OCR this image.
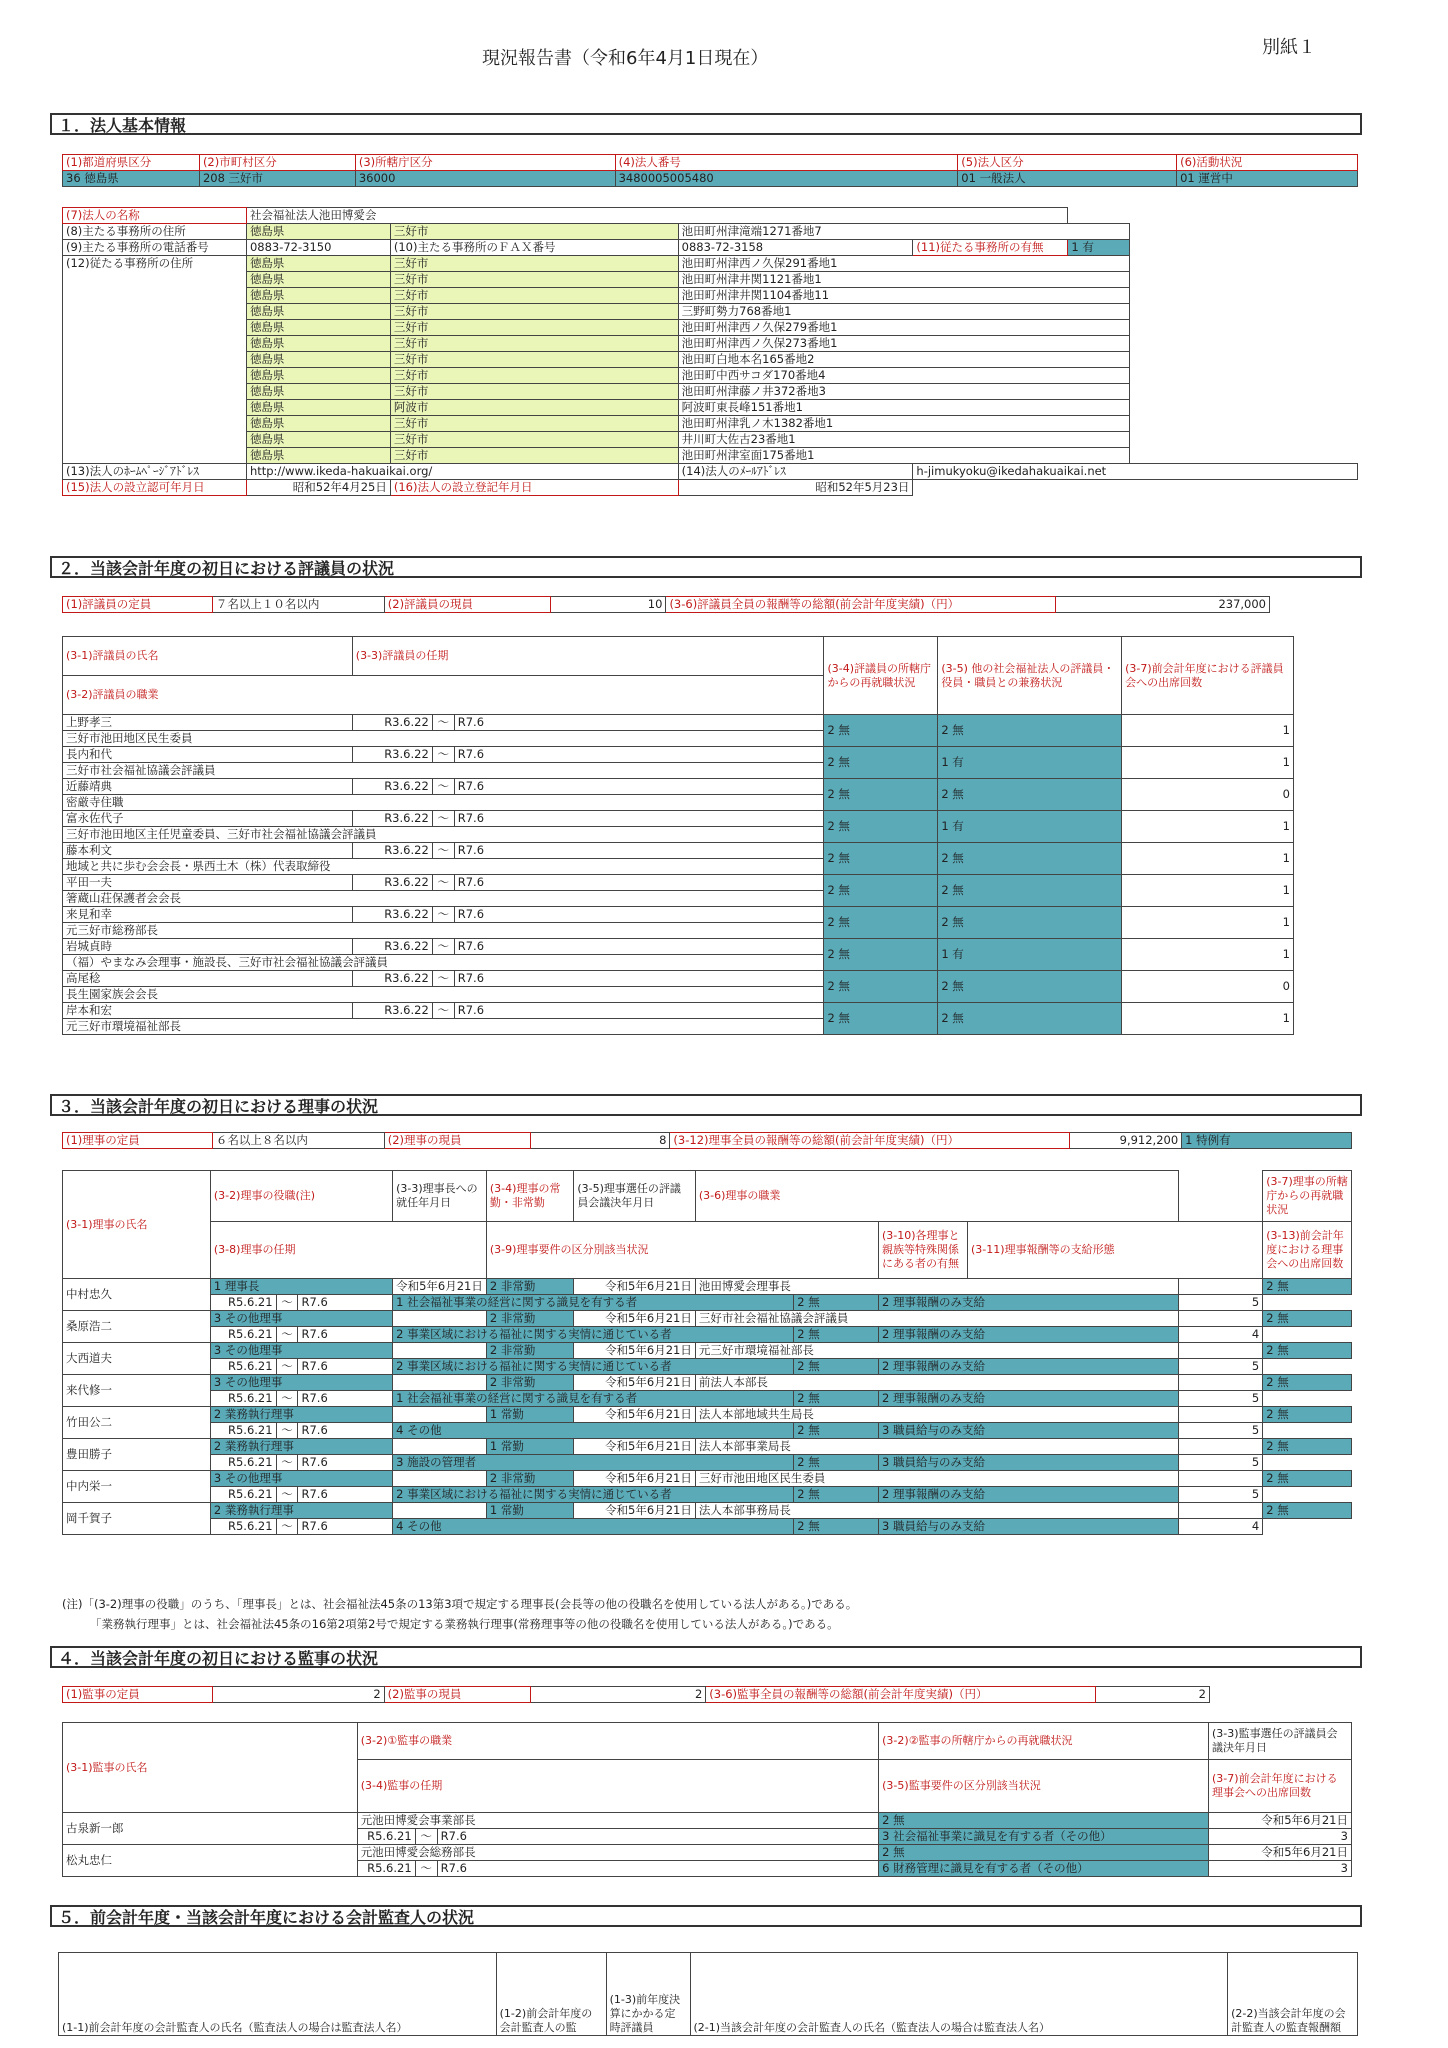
現況報告書（令和6年4月1日現在）
別紙１
１．法人基本情報
(1)都道府県区分	(2)市町村区分	(3)所轄庁区分	(4)法人番号	(5)法人区分	(6)活動状況
36 徳島県	208 三好市	36000	3480005005480	01 一般法人	01 運営中
(7)法人の名称	社会福祉法人池田博愛会					
(8)主たる事務所の住所	徳島県	三好市	池田町州津滝端1271番地7			
(9)主たる事務所の電話番号	0883-72-3150	(10)主たる事務所のＦＡＸ番号	0883-72-3158	(11)従たる事務所の有無	1 有	
(12)従たる事務所の住所	徳島県	三好市	池田町州津西ノ久保291番地1			
	徳島県	三好市	池田町州津井関1121番地1			
	徳島県	三好市	池田町州津井関1104番地11			
	徳島県	三好市	三野町勢力768番地1			
	徳島県	三好市	池田町州津西ノ久保279番地1			
	徳島県	三好市	池田町州津西ノ久保273番地1			
	徳島県	三好市	池田町白地本名165番地2			
	徳島県	三好市	池田町中西サコダ170番地4			
	徳島県	三好市	池田町州津藤ノ井372番地3			
	徳島県	阿波市	阿波町東長峰151番地1			
	徳島県	三好市	池田町州津乳ノ木1382番地1			
	徳島県	三好市	井川町大佐古23番地1			
	徳島県	三好市	池田町州津室面175番地1			
(13)法人のﾎｰﾑﾍﾟｰｼﾞｱﾄﾞﾚｽ	http://www.ikeda-hakuaikai.org/		(14)法人のﾒｰﾙｱﾄﾞﾚｽ	h-jimukyoku@ikedahakuaikai.net		
(15)法人の設立認可年月日	昭和52年4月25日	(16)法人の設立登記年月日	昭和52年5月23日			
２．当該会計年度の初日における評議員の状況
(1)評議員の定員	７名以上１０名以内	(2)評議員の現員	10	(3-6)評議員全員の報酬等の総額(前会計年度実績)（円）	237,000
(3-1)評議員の氏名	(3-3)評議員の任期			(3-4)評議員の所轄庁からの再就職状況	(3-5) 他の社会福祉法人の評議員・役員・職員との兼務状況	(3-7)前会計年度における評議員会への出席回数
(3-2)評議員の職業						
上野孝三	R3.6.22	～	R7.6	2 無	2 無	1
三好市池田地区民生委員						
長内和代	R3.6.22	～	R7.6	2 無	1 有	1
三好市社会福祉協議会評議員						
近藤靖典	R3.6.22	～	R7.6	2 無	2 無	0
密厳寺住職						
富永佐代子	R3.6.22	～	R7.6	2 無	1 有	1
三好市池田地区主任児童委員、三好市社会福祉協議会評議員						
藤本利文	R3.6.22	～	R7.6	2 無	2 無	1
地域と共に歩む会会長・県西土木（株）代表取締役						
平田一夫	R3.6.22	～	R7.6	2 無	2 無	1
箸蔵山荘保護者会会長						
来見和幸	R3.6.22	～	R7.6	2 無	2 無	1
元三好市総務部長						
岩城貞時	R3.6.22	～	R7.6	2 無	1 有	1
（福）やまなみ会理事・施設長、三好市社会福祉協議会評議員						
高尾稔	R3.6.22	～	R7.6	2 無	2 無	0
長生園家族会会長						
岸本和宏	R3.6.22	～	R7.6	2 無	2 無	1
元三好市環境福祉部長						
３．当該会計年度の初日における理事の状況
(1)理事の定員	６名以上８名以内	(2)理事の現員	8	(3-12)理事全員の報酬等の総額(前会計年度実績)（円）	9,912,200	1 特例有
(3-1)理事の氏名	(3-2)理事の役職(注)			(3-3)理事長への就任年月日	(3-4)理事の常勤・非常勤	(3-5)理事選任の評議員会議決年月日	(3-6)理事の職業					(3-7)理事の所轄庁からの再就職状況
	(3-8)理事の任期				(3-9)理事要件の区分別該当状況				(3-10)各理事と親族等特殊関係にある者の有無	(3-11)理事報酬等の支給形態		(3-13)前会計年度における理事会への出席回数
中村忠久	1 理事長			令和5年6月21日	2 非常勤	令和5年6月21日	池田博愛会理事長					2 無
	R5.6.21	～	R7.6	1 社会福祉事業の経営に関する識見を有する者				2 無	2 理事報酬のみ支給		5	
桑原浩二	3 その他理事				2 非常勤	令和5年6月21日	三好市社会福祉協議会評議員					2 無
	R5.6.21	～	R7.6	2 事業区域における福祉に関する実情に通じている者				2 無	2 理事報酬のみ支給		4	
大西道夫	3 その他理事				2 非常勤	令和5年6月21日	元三好市環境福祉部長					2 無
	R5.6.21	～	R7.6	2 事業区域における福祉に関する実情に通じている者				2 無	2 理事報酬のみ支給		5	
来代修一	3 その他理事				2 非常勤	令和5年6月21日	前法人本部長					2 無
	R5.6.21	～	R7.6	1 社会福祉事業の経営に関する識見を有する者				2 無	2 理事報酬のみ支給		5	
竹田公二	2 業務執行理事				1 常勤	令和5年6月21日	法人本部地域共生局長					2 無
	R5.6.21	～	R7.6	4 その他				2 無	3 職員給与のみ支給		5	
豊田勝子	2 業務執行理事				1 常勤	令和5年6月21日	法人本部事業局長					2 無
	R5.6.21	～	R7.6	3 施設の管理者				2 無	3 職員給与のみ支給		5	
中内栄一	3 その他理事				2 非常勤	令和5年6月21日	三好市池田地区民生委員					2 無
	R5.6.21	～	R7.6	2 事業区域における福祉に関する実情に通じている者				2 無	2 理事報酬のみ支給		5	
岡千賀子	2 業務執行理事				1 常勤	令和5年6月21日	法人本部事務局長					2 無
	R5.6.21	～	R7.6	4 その他				2 無	3 職員給与のみ支給		4	
(注)「(3-2)理事の役職」のうち、「理事長」とは、社会福祉法45条の13第3項で規定する理事長(会長等の他の役職名を使用している法人がある。)である。
「業務執行理事」とは、社会福祉法45条の16第2項第2号で規定する業務執行理事(常務理事等の他の役職名を使用している法人がある。)である。
４．当該会計年度の初日における監事の状況
(1)監事の定員	2	(2)監事の現員	2	(3-6)監事全員の報酬等の総額(前会計年度実績)（円）	2
(3-1)監事の氏名	(3-2)①監事の職業			(3-2)②監事の所轄庁からの再就職状況	(3-3)監事選任の評議員会議決年月日
	(3-4)監事の任期			(3-5)監事要件の区分別該当状況	(3-7)前会計年度における理事会への出席回数
古泉新一郎	元池田博愛会事業部長			2 無	令和5年6月21日
	R5.6.21	～	R7.6	3 社会福祉事業に識見を有する者（その他）	3
松丸忠仁	元池田博愛会総務部長			2 無	令和5年6月21日
	R5.6.21	～	R7.6	6 財務管理に識見を有する者（その他）	3
５．前会計年度・当該会計年度における会計監査人の状況
(1-1)前会計年度の会計監査人の氏名（監査法人の場合は監査法人名）	(1-2)前会計年度の会計監査人の監	(1-3)前年度決算にかかる定時評議員	(2-1)当該会計年度の会計監査人の氏名（監査法人の場合は監査法人名）	(2-2)当該会計年度の会計監査人の監査報酬額
